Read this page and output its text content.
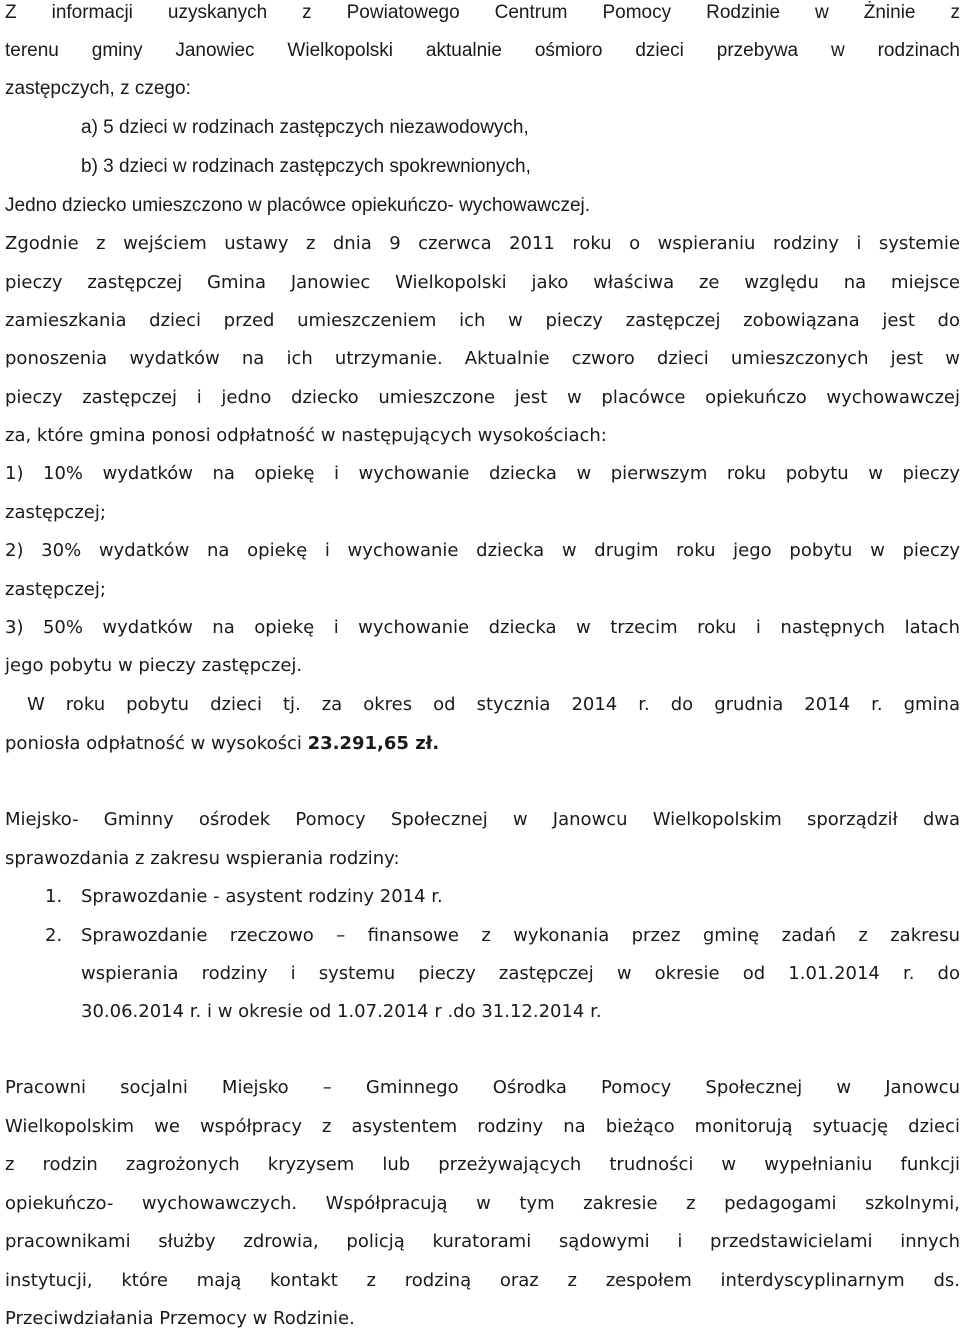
Z informacji uzyskanych z Powiatowego Centrum Pomocy Rodzinie w Żninie z
terenu gminy Janowiec Wielkopolski aktualnie ośmioro dzieci przebywa w rodzinach
zastępczych, z czego:
a) 5 dzieci w rodzinach zastępczych niezawodowych,
b) 3 dzieci w rodzinach zastępczych spokrewnionych,
Jedno dziecko umieszczono w placówce opiekuńczo- wychowawczej.
Zgodnie z wejściem ustawy z dnia 9 czerwca 2011 roku o wspieraniu rodziny i systemie
pieczy zastępczej Gmina Janowiec Wielkopolski jako właściwa ze względu na miejsce
zamieszkania dzieci przed umieszczeniem ich w pieczy zastępczej zobowiązana jest do
ponoszenia wydatków na ich utrzymanie. Aktualnie czworo dzieci umieszczonych jest w
pieczy zastępczej i jedno dziecko umieszczone jest w placówce opiekuńczo wychowawczej
za, które gmina ponosi odpłatność w następujących wysokościach:
1) 10% wydatków na opiekę i wychowanie dziecka w pierwszym roku pobytu w pieczy
zastępczej;
2) 30% wydatków na opiekę i wychowanie dziecka w drugim roku jego pobytu w pieczy
zastępczej;
3) 50% wydatków na opiekę i wychowanie dziecka w trzecim roku i następnych latach
jego pobytu w pieczy zastępczej.
W roku pobytu dzieci tj. za okres od stycznia 2014 r. do grudnia 2014 r. gmina
poniosła odpłatność w wysokości 23.291,65 zł.
Miejsko- Gminny ośrodek Pomocy Społecznej w Janowcu Wielkopolskim sporządził dwa
sprawozdania z zakresu wspierania rodziny:
1. Sprawozdanie - asystent rodziny 2014 r.
2. Sprawozdanie rzeczowo – finansowe z wykonania przez gminę zadań z zakresu
wspierania rodziny i systemu pieczy zastępczej w okresie od 1.01.2014 r. do
30.06.2014 r. i w okresie od 1.07.2014 r .do 31.12.2014 r.
Pracowni socjalni Miejsko – Gminnego Ośrodka Pomocy Społecznej w Janowcu
Wielkopolskim we współpracy z asystentem rodziny na bieżąco monitorują sytuację dzieci
z rodzin zagrożonych kryzysem lub przeżywających trudności w wypełnianiu funkcji
opiekuńczo- wychowawczych. Współpracują w tym zakresie z pedagogami szkolnymi,
pracownikami służby zdrowia, policją kuratorami sądowymi i przedstawicielami innych
instytucji, które mają kontakt z rodziną oraz z zespołem interdyscyplinarnym ds.
Przeciwdziałania Przemocy w Rodzinie.
